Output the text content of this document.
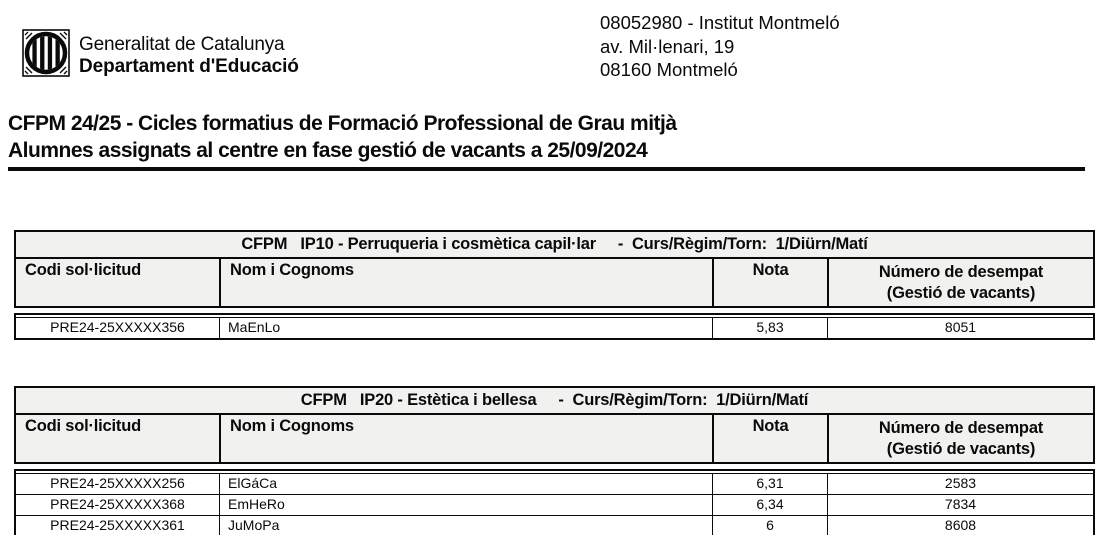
Generalitat de Catalunya
Departament d'Educació
08052980 - Institut Montmeló
av. Mil·lenari, 19
08160 Montmeló
CFPM 24/25 - Cicles formatius de Formació Professional de Grau mitjà
Alumnes assignats al centre en fase gestió de vacants a 25/09/2024
CFPM   IP10 - Perruqueria i cosmètica capil·lar     -  Curs/Règim/Torn:  1/Diürn/Matí
Codi sol·licitud	Nom i Cognoms	Nota	Número de desempat
(Gestió de vacants)
PRE24-25XXXXX356	MaEnLo	5,83	8051
CFPM   IP20 - Estètica i bellesa     -  Curs/Règim/Torn:  1/Diürn/Matí
Codi sol·licitud	Nom i Cognoms	Nota	Número de desempat
(Gestió de vacants)
PRE24-25XXXXX256	ElGáCa	6,31	2583
PRE24-25XXXXX368	EmHeRo	6,34	7834
PRE24-25XXXXX361	JuMoPa	6	8608
